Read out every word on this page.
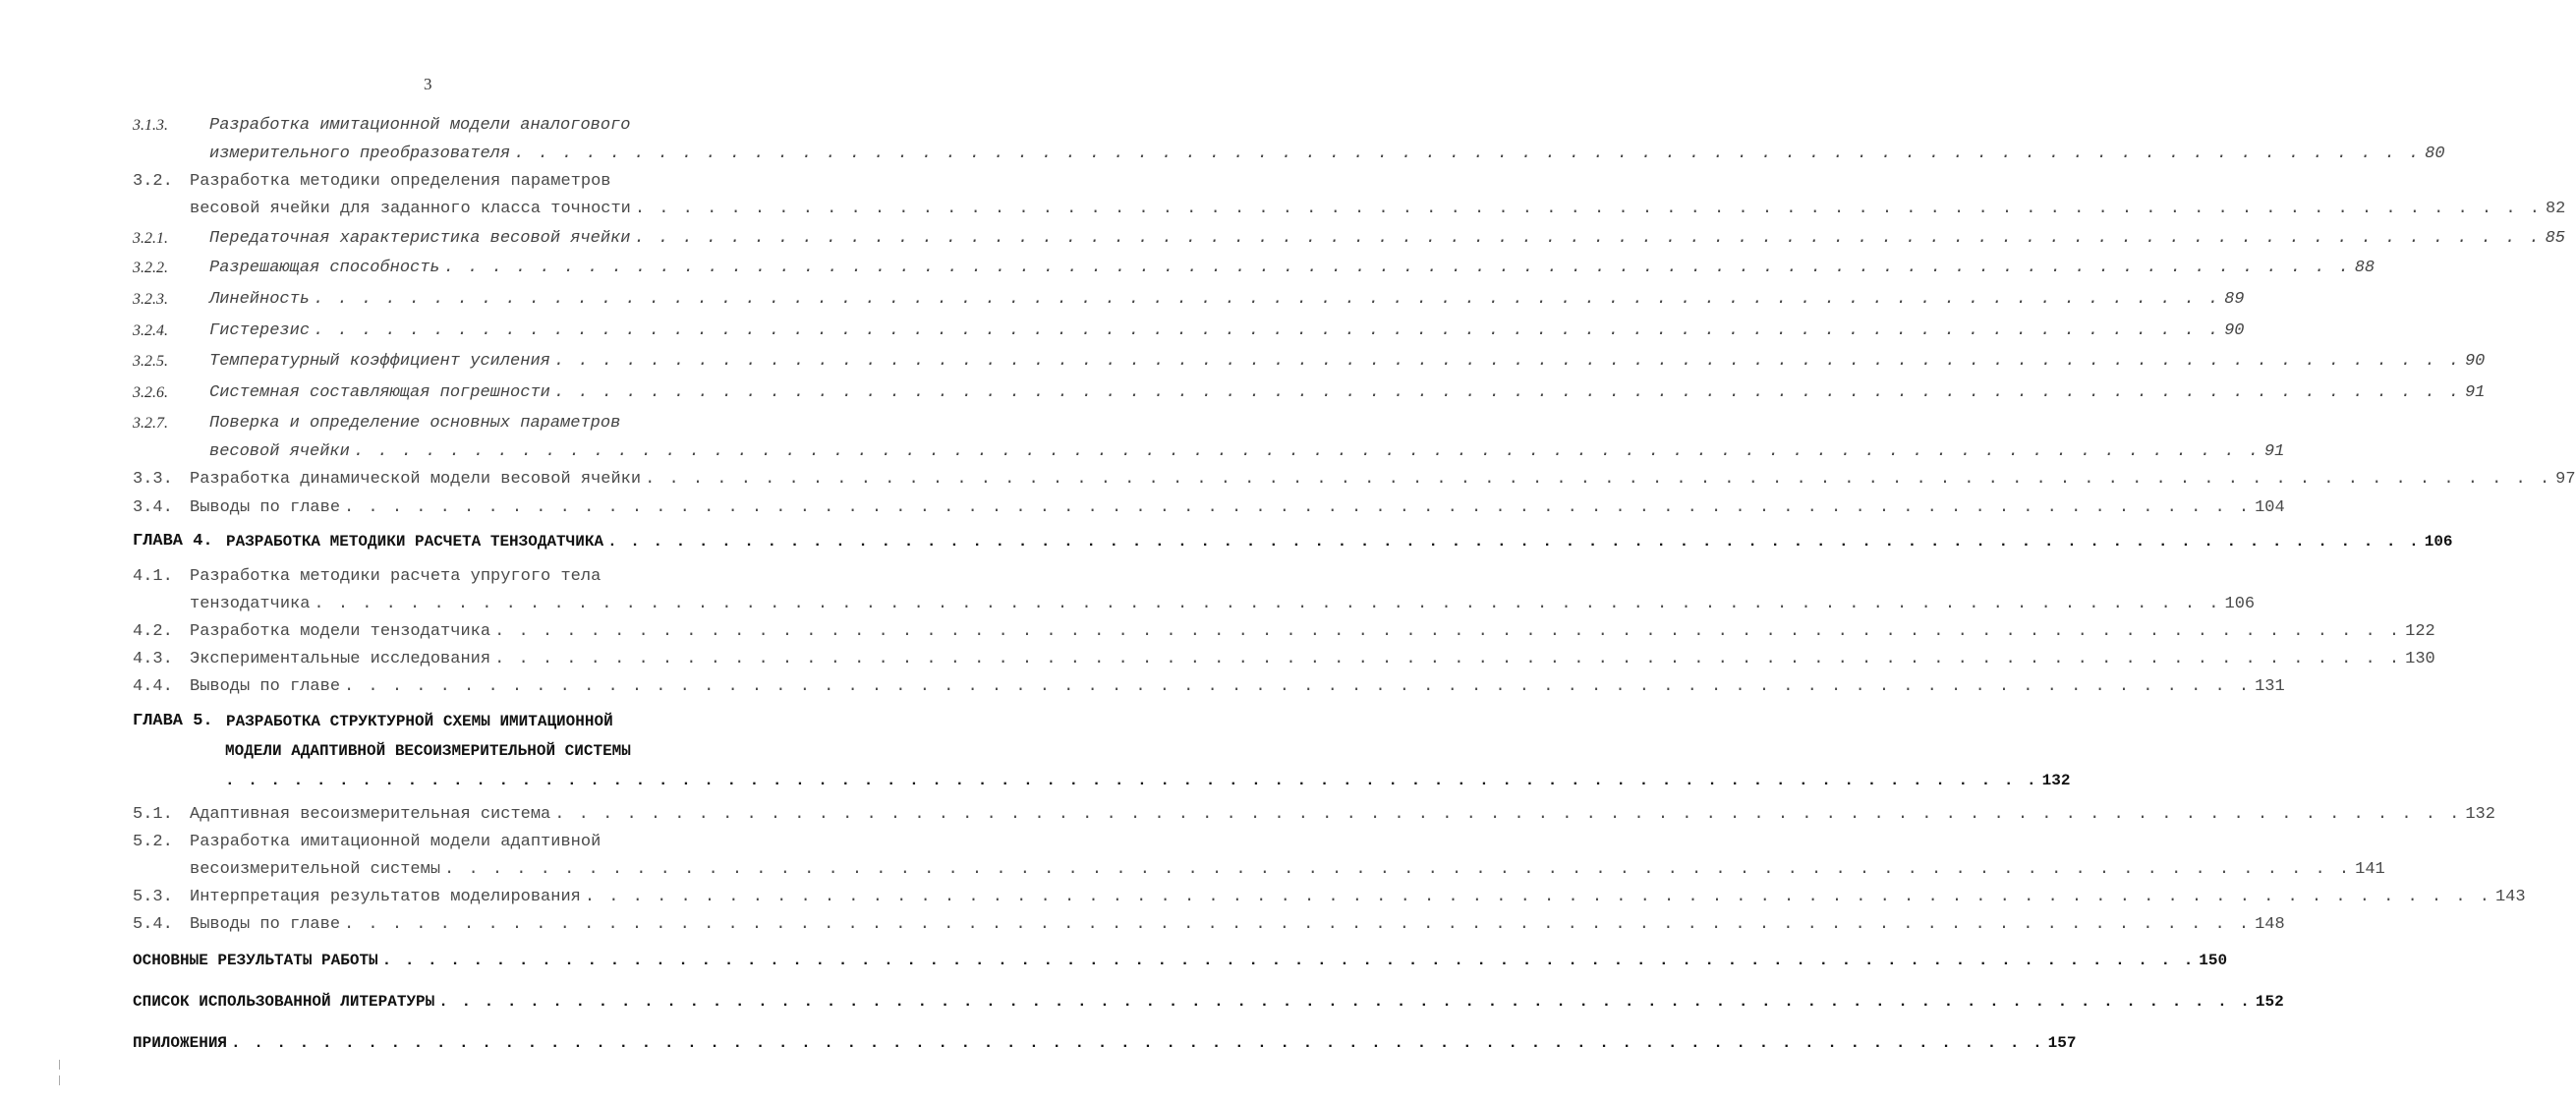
3
3.1.3. Разработка имитационной модели аналогового
измерительного преобразователя . . . . . . . . . . . . . . . . . . . . . . . . . . . . . . . . . . . . . . . . . . . . . . . . . . . . . . . . . . . . . . . . . . . . . . . . . . . . . . . . 80
3.2. Разработка методики определения параметров
весовой ячейки для заданного класса точности . . . . . . . . . . . . . . . . . . . . . . . . . . . . . . . . . . . . . . . . . . . . . . . . . . . . . . . . . . . . . . . . . . . . . . . . . . . . . . . . 82
3.2.1. Передаточная характеристика весовой ячейки . . . . . . . . . . . . . . . . . . . . . . . . . . . . . . . . . . . . . . . . . . . . . . . . . . . . . . . . . . . . . . . . . . . . . . . . . . . . . . . . 85
3.2.2. Разрешающая способность . . . . . . . . . . . . . . . . . . . . . . . . . . . . . . . . . . . . . . . . . . . . . . . . . . . . . . . . . . . . . . . . . . . . . . . . . . . . . . . . 88
3.2.3. Линейность . . . . . . . . . . . . . . . . . . . . . . . . . . . . . . . . . . . . . . . . . . . . . . . . . . . . . . . . . . . . . . . . . . . . . . . . . . . . . . . . 89
3.2.4. Гистерезис . . . . . . . . . . . . . . . . . . . . . . . . . . . . . . . . . . . . . . . . . . . . . . . . . . . . . . . . . . . . . . . . . . . . . . . . . . . . . . . . 90
3.2.5. Температурный коэффициент усиления . . . . . . . . . . . . . . . . . . . . . . . . . . . . . . . . . . . . . . . . . . . . . . . . . . . . . . . . . . . . . . . . . . . . . . . . . . . . . . . . 90
3.2.6. Системная составляющая погрешности . . . . . . . . . . . . . . . . . . . . . . . . . . . . . . . . . . . . . . . . . . . . . . . . . . . . . . . . . . . . . . . . . . . . . . . . . . . . . . . . 91
3.2.7. Поверка и определение основных параметров
весовой ячейки . . . . . . . . . . . . . . . . . . . . . . . . . . . . . . . . . . . . . . . . . . . . . . . . . . . . . . . . . . . . . . . . . . . . . . . . . . . . . . . . 91
3.3. Разработка динамической модели весовой ячейки . . . . . . . . . . . . . . . . . . . . . . . . . . . . . . . . . . . . . . . . . . . . . . . . . . . . . . . . . . . . . . . . . . . . . . . . . . . . . . . . 97
3.4. Выводы по главе . . . . . . . . . . . . . . . . . . . . . . . . . . . . . . . . . . . . . . . . . . . . . . . . . . . . . . . . . . . . . . . . . . . . . . . . . . . . . . . . 104
ГЛАВА 4. РАЗРАБОТКА МЕТОДИКИ РАСЧЕТА ТЕНЗОДАТЧИКА . . . . . . . . . . . . . . . . . . . . . . . . . . . . . . . . . . . . . . . . . . . . . . . . . . . . . . . . . . . . . . . . . . . . . . . . . . . . . . . . 106
4.1. Разработка методики расчета упругого тела
тензодатчика . . . . . . . . . . . . . . . . . . . . . . . . . . . . . . . . . . . . . . . . . . . . . . . . . . . . . . . . . . . . . . . . . . . . . . . . . . . . . . . . 106
4.2. Разработка модели тензодатчика . . . . . . . . . . . . . . . . . . . . . . . . . . . . . . . . . . . . . . . . . . . . . . . . . . . . . . . . . . . . . . . . . . . . . . . . . . . . . . . . 122
4.3. Экспериментальные исследования . . . . . . . . . . . . . . . . . . . . . . . . . . . . . . . . . . . . . . . . . . . . . . . . . . . . . . . . . . . . . . . . . . . . . . . . . . . . . . . . 130
4.4. Выводы по главе . . . . . . . . . . . . . . . . . . . . . . . . . . . . . . . . . . . . . . . . . . . . . . . . . . . . . . . . . . . . . . . . . . . . . . . . . . . . . . . . 131
ГЛАВА 5. РАЗРАБОТКА СТРУКТУРНОЙ СХЕМЫ ИМИТАЦИОННОЙ
МОДЕЛИ АДАПТИВНОЙ ВЕСОИЗМЕРИТЕЛЬНОЙ СИСТЕМЫ
. . . . . . . . . . . . . . . . . . . . . . . . . . . . . . . . . . . . . . . . . . . . . . . . . . . . . . . . . . . . . . . . . . . . . . . . . . . . . . . . 132
5.1. Адаптивная весоизмерительная система . . . . . . . . . . . . . . . . . . . . . . . . . . . . . . . . . . . . . . . . . . . . . . . . . . . . . . . . . . . . . . . . . . . . . . . . . . . . . . . . 132
5.2. Разработка имитационной модели адаптивной
весоизмерительной системы . . . . . . . . . . . . . . . . . . . . . . . . . . . . . . . . . . . . . . . . . . . . . . . . . . . . . . . . . . . . . . . . . . . . . . . . . . . . . . . . 141
5.3. Интерпретация результатов моделирования . . . . . . . . . . . . . . . . . . . . . . . . . . . . . . . . . . . . . . . . . . . . . . . . . . . . . . . . . . . . . . . . . . . . . . . . . . . . . . . . 143
5.4. Выводы по главе . . . . . . . . . . . . . . . . . . . . . . . . . . . . . . . . . . . . . . . . . . . . . . . . . . . . . . . . . . . . . . . . . . . . . . . . . . . . . . . . 148
ОСНОВНЫЕ РЕЗУЛЬТАТЫ РАБОТЫ . . . . . . . . . . . . . . . . . . . . . . . . . . . . . . . . . . . . . . . . . . . . . . . . . . . . . . . . . . . . . . . . . . . . . . . . . . . . . . . . 150
СПИСОК ИСПОЛЬЗОВАННОЙ ЛИТЕРАТУРЫ . . . . . . . . . . . . . . . . . . . . . . . . . . . . . . . . . . . . . . . . . . . . . . . . . . . . . . . . . . . . . . . . . . . . . . . . . . . . . . . . 152
ПРИЛОЖЕНИЯ . . . . . . . . . . . . . . . . . . . . . . . . . . . . . . . . . . . . . . . . . . . . . . . . . . . . . . . . . . . . . . . . . . . . . . . . . . . . . . . . 157
